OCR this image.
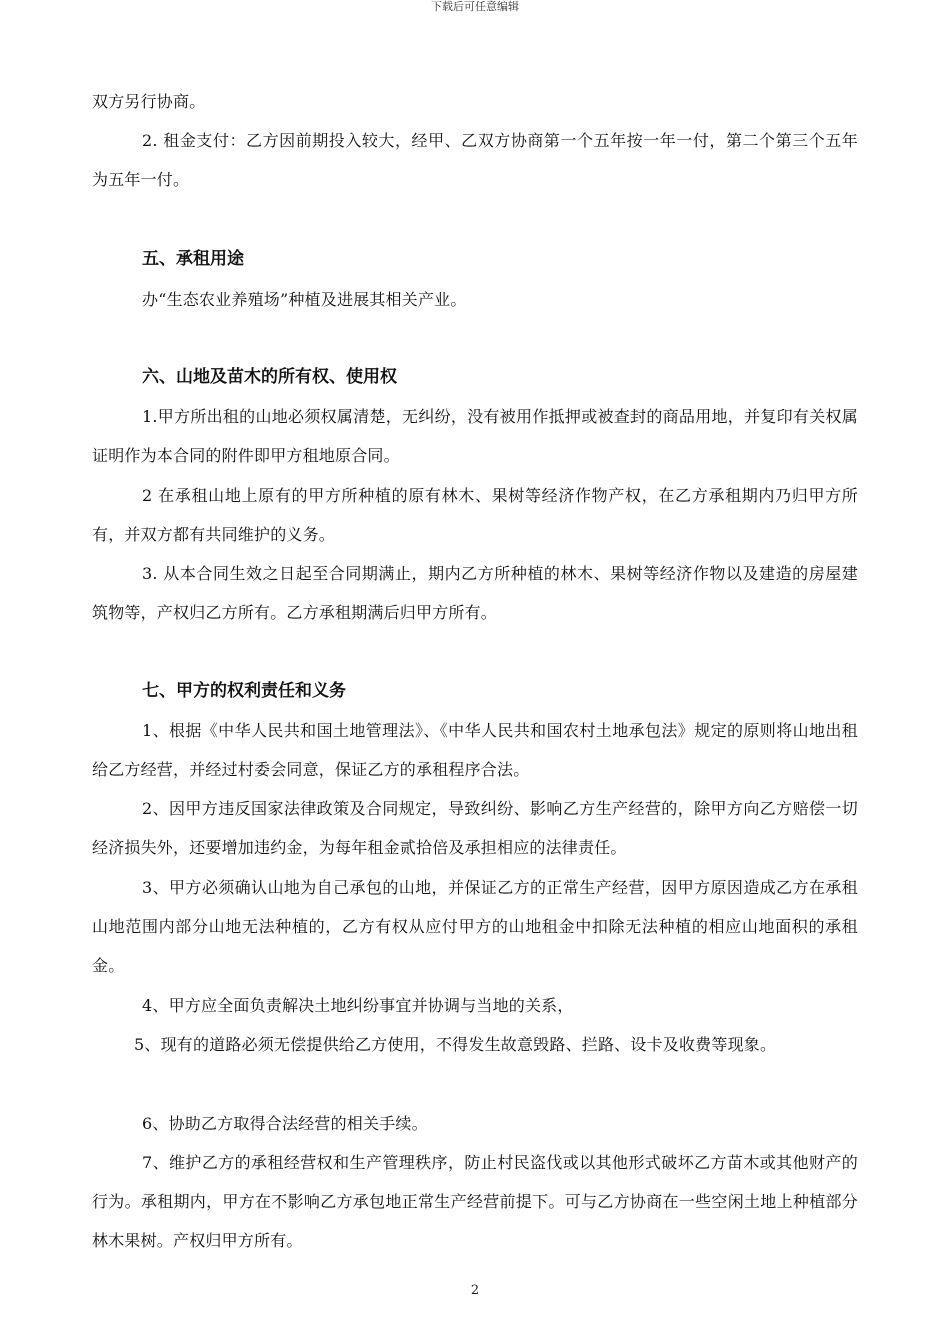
下载后可任意编辑

双方另行协商。

2. 租金支付：乙方因前期投入较大，经甲、乙双方协商第一个五年按一年一付，第二个第三个五年为五年一付。

五、承租用途

办“生态农业养殖场”种植及进展其相关产业。

六、山地及苗木的所有权、使用权

1.甲方所出租的山地必须权属清楚，无纠纷，没有被用作抵押或被查封的商品用地，并复印有关权属证明作为本合同的附件即甲方租地原合同。

2 在承租山地上原有的甲方所种植的原有林木、果树等经济作物产权，在乙方承租期内乃归甲方所有，并双方都有共同维护的义务。

3. 从本合同生效之日起至合同期满止，期内乙方所种植的林木、果树等经济作物以及建造的房屋建筑物等，产权归乙方所有。乙方承租期满后归甲方所有。

七、甲方的权利责任和义务

1、根据《中华人民共和国土地管理法》、《中华人民共和国农村土地承包法》规定的原则将山地出租给乙方经营，并经过村委会同意，保证乙方的承租程序合法。

2、因甲方违反国家法律政策及合同规定，导致纠纷、影响乙方生产经营的，除甲方向乙方赔偿一切经济损失外，还要增加违约金，为每年租金贰拾倍及承担相应的法律责任。

3、甲方必须确认山地为自己承包的山地，并保证乙方的正常生产经营，因甲方原因造成乙方在承租山地范围内部分山地无法种植的，乙方有权从应付甲方的山地租金中扣除无法种植的相应山地面积的承租金。

4、甲方应全面负责解决土地纠纷事宜并协调与当地的关系，

5、现有的道路必须无偿提供给乙方使用，不得发生故意毁路、拦路、设卡及收费等现象。

6、协助乙方取得合法经营的相关手续。

7、维护乙方的承租经营权和生产管理秩序，防止村民盗伐或以其他形式破坏乙方苗木或其他财产的行为。承租期内，甲方在不影响乙方承包地正常生产经营前提下。可与乙方协商在一些空闲土地上种植部分林木果树。产权归甲方所有。

2
